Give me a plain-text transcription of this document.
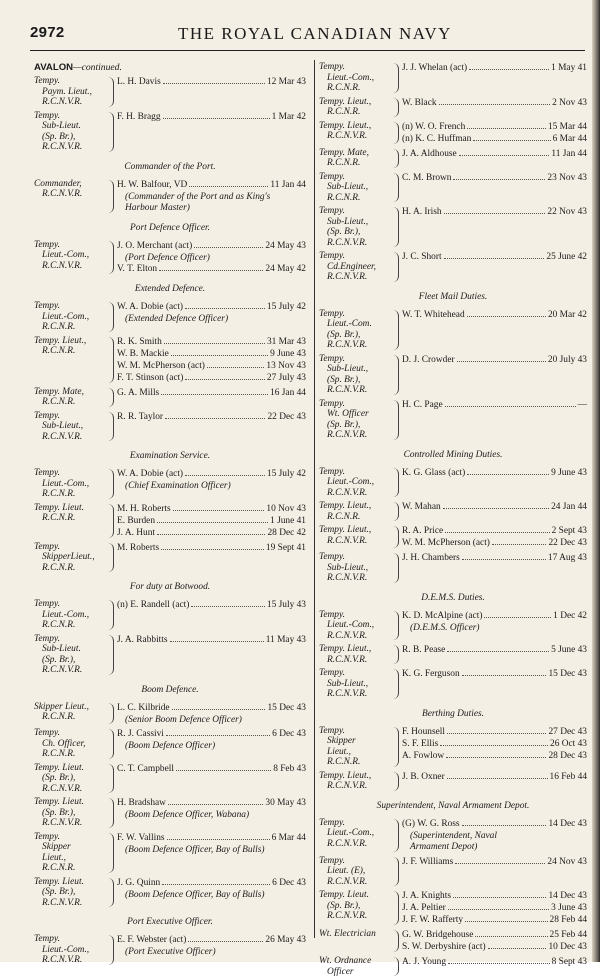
2972	THE ROYAL CANADIAN NAVY
AVALON—continued.
Tempy.
Paym. Lieut.,
R.C.N.V.R.
L. H. Davis	12 Mar 43
Tempy.
Sub-Lieut.
(Sp. Br.),
R.C.N.V.R.
F. H. Bragg	1 Mar 42
Commander of the Port.
Commander,
R.C.N.V.R.
H. W. Balfour, VD	11 Jan 44
(Commander of the Port and as King's
Harbour Master)
Port Defence Officer.
Tempy.
Lieut.-Com.,
R.C.N.V.R.
J. O. Merchant (act)	24 May 43
(Port Defence Officer)
V. T. Elton	24 May 42
Extended Defence.
Tempy.
Lieut.-Com.,
R.C.N.R.
W. A. Dobie (act)	15 July 42
(Extended Defence Officer)
Tempy. Lieut.,
R.C.N.R.
R. K. Smith	31 Mar 43
W. B. Mackie	9 June 43
W. M. McPherson (act)	13 Nov 43
F. T. Stinson (act)	27 July 43
Tempy. Mate,
R.C.N.R.
G. A. Mills	16 Jan 44
Tempy.
Sub-Lieut.,
R.C.N.V.R.
R. R. Taylor	22 Dec 43
Examination Service.
Tempy.
Lieut.-Com.,
R.C.N.R.
W. A. Dobie (act)	15 July 42
(Chief Examination Officer)
Tempy. Lieut.
R.C.N.R.
M. H. Roberts	10 Nov 43
E. Burden	1 June 41
J. A. Hunt	28 Dec 42
Tempy.
SkipperLieut.,
R.C.N.R.
M. Roberts	19 Sept 41
For duty at Botwood.
Tempy.
Lieut.-Com.,
R.C.N.R.
(n) E. Randell (act)	15 July 43
Tempy.
Sub-Lieut.
(Sp. Br.),
R.C.N.V.R.
J. A. Rabbitts	11 May 43
Boom Defence.
Skipper Lieut.,
R.C.N.R.
L. C. Kilbride	15 Dec 43
(Senior Boom Defence Officer)
Tempy.
Ch. Officer,
R.C.N.R.
R. J. Cassivi	6 Dec 43
(Boom Defence Officer)
Tempy. Lieut.
(Sp. Br.),
R.C.N.V.R.
C. T. Campbell	8 Feb 43
Tempy. Lieut.
(Sp. Br.),
R.C.N.V.R.
H. Bradshaw	30 May 43
(Boom Defence Officer, Wabana)
Tempy.
Skipper
Lieut.,
R.C.N.R.
F. W. Vallins	6 Mar 44
(Boom Defence Officer, Bay of Bulls)
Tempy. Lieut.
(Sp. Br.),
R.C.N.V.R.
J. G. Quinn	6 Dec 43
(Boom Defence Officer, Bay of Bulls)
Port Executive Officer.
Tempy.
Lieut.-Com.,
R.C.N.V.R.
E. F. Webster (act)	26 May 43
(Port Executive Officer)
Tempy.
Lieut.-Com.,
R.C.N.R.
J. J. Whelan (act)	1 May 41
Tempy. Lieut.,
R.C.N.R.
W. Black	2 Nov 43
Tempy. Lieut.,
R.C.N.V.R.
(n) W. O. French	15 Mar 44
(n) K. C. Huffman	6 Mar 44
Tempy. Mate,
R.C.N.R.
J. A. Aldhouse	11 Jan 44
Tempy.
Sub-Lieut.,
R.C.N.R.
C. M. Brown	23 Nov 43
Tempy.
Sub-Lieut.,
(Sp. Br.),
R.C.N.V.R.
H. A. Irish	22 Nov 43
Tempy.
Cd.Engineer,
R.C.N.V.R.
J. C. Short	25 June 42
Fleet Mail Duties.
Tempy.
Lieut.-Com.
(Sp. Br.),
R.C.N.V.R.
W. T. Whitehead	20 Mar 42
Tempy.
Sub-Lieut.,
(Sp. Br.),
R.C.N.V.R.
D. J. Crowder	20 July 43
Tempy.
Wt. Officer
(Sp. Br.),
R.C.N.V.R.
H. C. Page	—
Controlled Mining Duties.
Tempy.
Lieut.-Com.,
R.C.N.V.R.
K. G. Glass (act)	9 June 43
Tempy. Lieut.,
R.C.N.R.
W. Mahan	24 Jan 44
Tempy. Lieut.,
R.C.N.V.R.
R. A. Price	2 Sept 43
W. M. McPherson (act)	22 Dec 43
Tempy.
Sub-Lieut.,
R.C.N.V.R.
J. H. Chambers	17 Aug 43
D.E.M.S. Duties.
Tempy.
Lieut.-Com.,
R.C.N.V.R.
K. D. McAlpine (act)	1 Dec 42
(D.E.M.S. Officer)
Tempy. Lieut.,
R.C.N.V.R.
R. B. Pease	5 June 43
Tempy.
Sub-Lieut.,
R.C.N.V.R.
K. G. Ferguson	15 Dec 43
Berthing Duties.
Tempy.
Skipper
Lieut.,
R.C.N.R.
F. Hounsell	27 Dec 43
S. F. Ellis	26 Oct 43
A. Fowlow	28 Dec 43
Tempy. Lieut.,
R.C.N.V.R.
J. B. Oxner	16 Feb 44
Superintendent, Naval Armament Depot.
Tempy.
Lieut.-Com.,
R.C.N.V.R.
(G) W. G. Ross	14 Dec 43
(Superintendent, Naval
Armament Depot)
Tempy.
Lieut. (E),
R.C.N.V.R.
J. F. Williams	24 Nov 43
Tempy. Lieut.
(Sp. Br.),
R.C.N.V.R.
J. A. Knights	14 Dec 43
J. A. Peltier	3 June 43
J. F. W. Rafferty	28 Feb 44
Wt. Electrician	G. W. Bridgehouse	25 Feb 44
S. W. Derbyshire (act)	10 Dec 43
Wt. Ordnance
Officer
A. J. Young	8 Sept 43
